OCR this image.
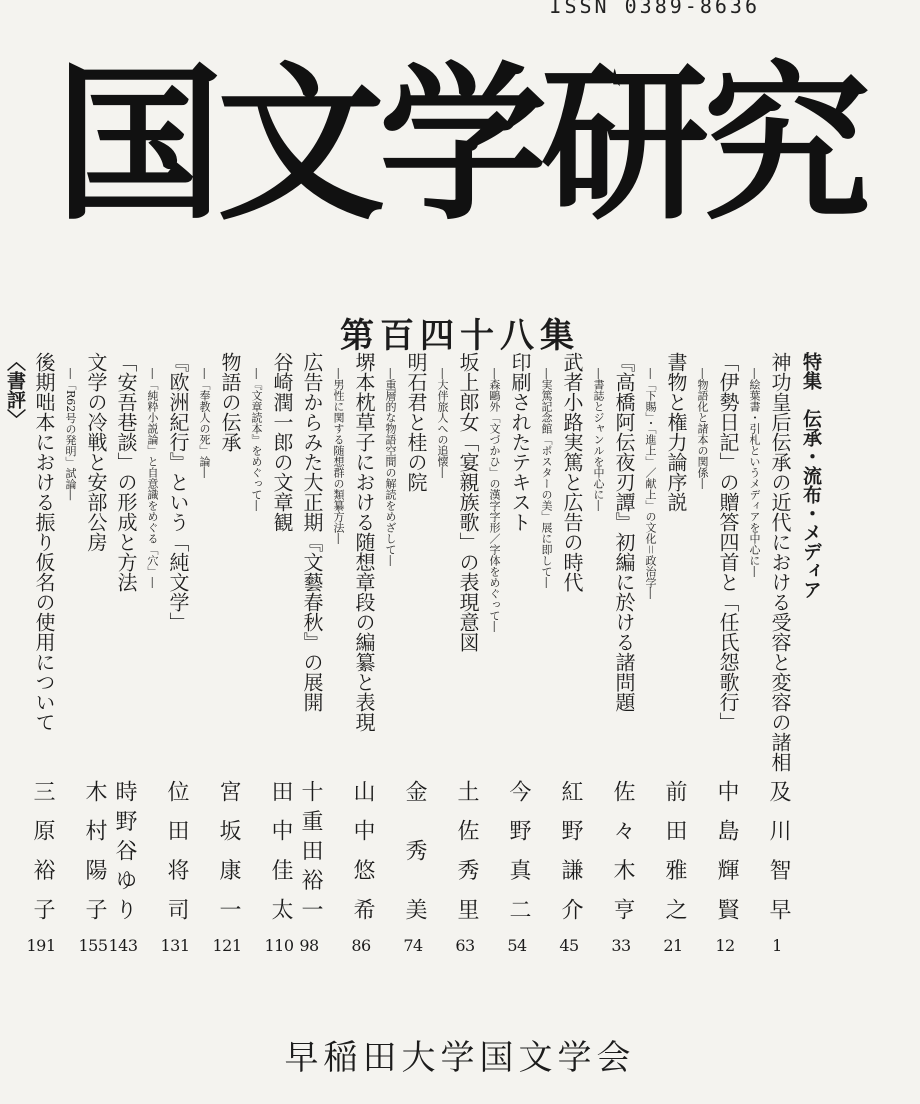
ISSN 0389-8636
国文学研究
第百四十八集
特集　伝承・流布・メディア
神功皇后伝承の近代における受容と変容の諸相
及川智早
1
―絵葉書・引札というメディアを中心に―
「伊勢日記」の贈答四首と「任氏怨歌行」
中島輝賢
12
―物語化と諸本の関係―
書物と権力論序説
前田雅之
21
―「下賜」・「進上」／献上」の文化＝政治学―
『高橋阿伝夜刃譚』初編に於ける諸問題
佐々木亨
33
―書誌とジャンルを中心に―
武者小路実篤と広告の時代
紅野謙介
45
―実篤記念館「ポスターの美」展に即して―
印刷されたテキスト
今野真二
54
―森鷗外「文づかひ」の漢字字形／字体をめぐって―
坂上郎女「宴親族歌」の表現意図
土佐秀里
63
―大伴旅人への追懐―
明石君と桂の院
金秀美
74
―重層的な物語空間の解読をめざして―
堺本枕草子における随想章段の編纂と表現
山中悠希
86
―男性に関する随想群の類纂方法―
広告からみた大正期『文藝春秋』の展開
十重田裕一
98
谷崎潤一郎の文章観
田中佳太
110
―『文章読本』をめぐって―
物語の伝承
宮坂康一
121
―「奉教人の死」論―
『欧洲紀行』という「純文学」
位田将司
131
―「純粋小説論」と自意識をめぐる「穴」―
「安吾巷談」の形成と方法
時野谷ゆり
143
文学の冷戦と安部公房
木村陽子
155
―「R62号の発明」試論―
後期咄本における振り仮名の使用について
三原裕子
191
〈書評〉
早稲田大学国文学会
